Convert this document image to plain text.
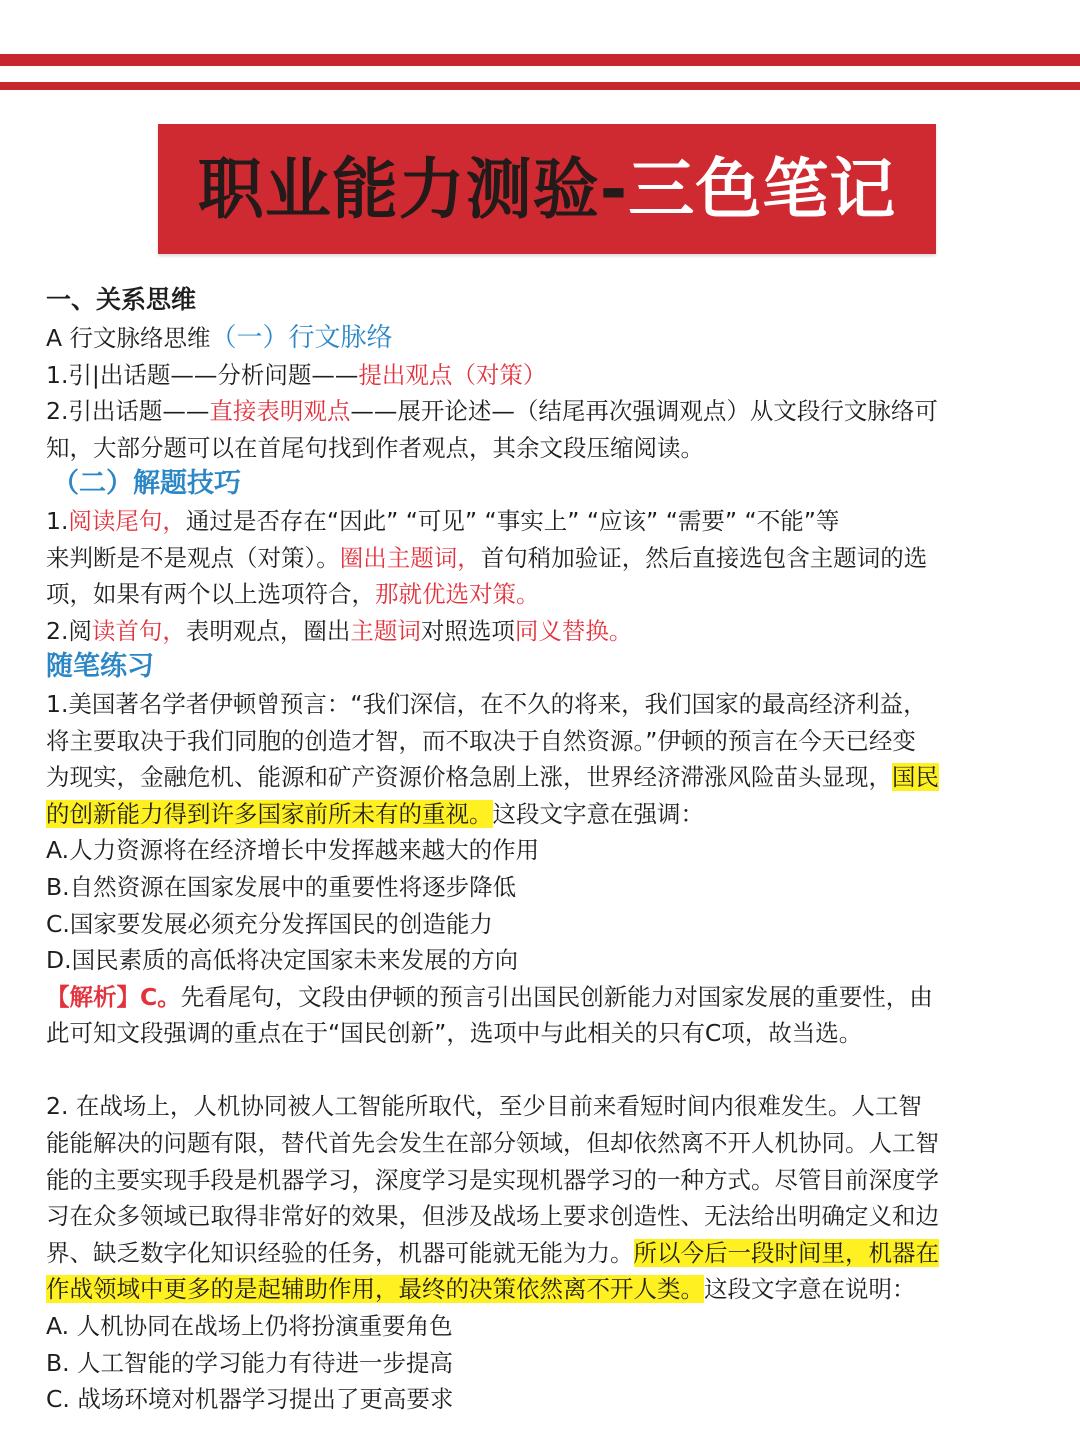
职业能力测验-三色笔记
一、关系思维
A 行文脉络思维（一）行文脉络
1.引|出话题——分析问题——提出观点（对策）
2.引出话题——直接表明观点——展开论述—（结尾再次强调观点）从文段行文脉络可
知，大部分题可以在首尾句找到作者观点，其余文段压缩阅读。
（二）解题技巧
1.阅读尾句，通过是否存在“因此” “可见” “事实上” “应该” “需要” “不能”等
来判断是不是观点（对策）。圈出主题词，首句稍加验证，然后直接选包含主题词的选
项，如果有两个以上选项符合，那就优选对策。
2.阅读首句，表明观点，圈出主题词对照选项同义替换。
随笔练习
1.美国著名学者伊顿曾预言：“我们深信，在不久的将来，我们国家的最高经济利益，
将主要取决于我们同胞的创造才智，而不取决于自然资源。”伊顿的预言在今天已经变
为现实，金融危机、能源和矿产资源价格急剧上涨，世界经济滞涨风险苗头显现，国民
的创新能力得到许多国家前所未有的重视。这段文字意在强调：
A.人力资源将在经济增长中发挥越来越大的作用
B.自然资源在国家发展中的重要性将逐步降低
C.国家要发展必须充分发挥国民的创造能力
D.国民素质的高低将决定国家未来发展的方向
【解析】C。先看尾句，文段由伊顿的预言引出国民创新能力对国家发展的重要性，由
此可知文段强调的重点在于“国民创新”，选项中与此相关的只有C项，故当选。
2. 在战场上，人机协同被人工智能所取代，至少目前来看短时间内很难发生。人工智
能能解决的问题有限，替代首先会发生在部分领域，但却依然离不开人机协同。人工智
能的主要实现手段是机器学习，深度学习是实现机器学习的一种方式。尽管目前深度学
习在众多领域已取得非常好的效果，但涉及战场上要求创造性、无法给出明确定义和边
界、缺乏数字化知识经验的任务，机器可能就无能为力。所以今后一段时间里，机器在
作战领域中更多的是起辅助作用，最终的决策依然离不开人类。这段文字意在说明：
A. 人机协同在战场上仍将扮演重要角色
B. 人工智能的学习能力有待进一步提高
C. 战场环境对机器学习提出了更高要求
